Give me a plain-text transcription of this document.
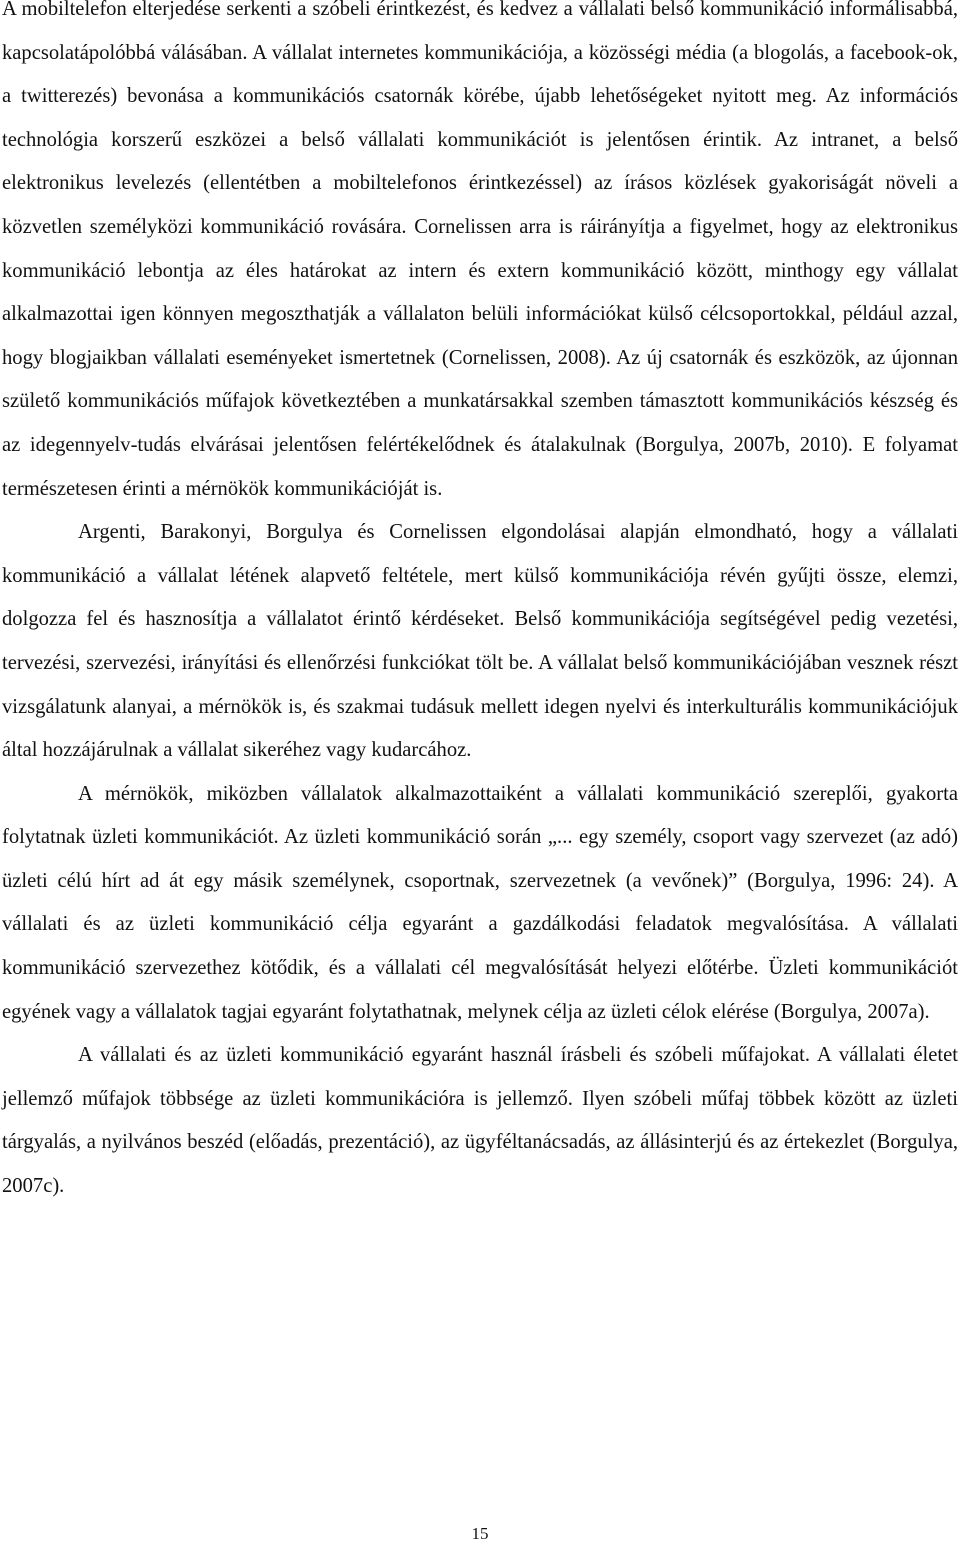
A mobiltelefon elterjedése serkenti a szóbeli érintkezést, és kedvez a vállalati belső kommunikáció informálisabbá, kapcsolatápolóbbá válásában. A vállalat internetes kommunikációja, a közösségi média (a blogolás, a facebook-ok, a twitterezés) bevonása a kommunikációs csatornák körébe, újabb lehetőségeket nyitott meg. Az információs technológia korszerű eszközei a belső vállalati kommunikációt is jelentősen érintik. Az intranet, a belső elektronikus levelezés (ellentétben a mobiltelefonos érintkezéssel) az írásos közlések gyakoriságát növeli a közvetlen személyközi kommunikáció rovására. Cornelissen arra is ráirányítja a figyelmet, hogy az elektronikus kommunikáció lebontja az éles határokat az intern és extern kommunikáció között, minthogy egy vállalat alkalmazottai igen könnyen megoszthatják a vállalaton belüli információkat külső célcsoportokkal, például azzal, hogy blogjaikban vállalati eseményeket ismertetnek (Cornelissen, 2008). Az új csatornák és eszközök, az újonnan születő kommunikációs műfajok következtében a munkatársakkal szemben támasztott kommunikációs készség és az idegennyelv-tudás elvárásai jelentősen felértékelődnek és átalakulnak (Borgulya, 2007b, 2010). E folyamat természetesen érinti a mérnökök kommunikációját is.

Argenti, Barakonyi, Borgulya és Cornelissen elgondolásai alapján elmondható, hogy a vállalati kommunikáció a vállalat létének alapvető feltétele, mert külső kommunikációja révén gyűjti össze, elemzi, dolgozza fel és hasznosítja a vállalatot érintő kérdéseket. Belső kommunikációja segítségével pedig vezetési, tervezési, szervezési, irányítási és ellenőrzési funkciókat tölt be. A vállalat belső kommunikációjában vesznek részt vizsgálatunk alanyai, a mérnökök is, és szakmai tudásuk mellett idegen nyelvi és interkulturális kommunikációjuk által hozzájárulnak a vállalat sikeréhez vagy kudarcához.

A mérnökök, miközben vállalatok alkalmazottaiként a vállalati kommunikáció szereplői, gyakorta folytatnak üzleti kommunikációt. Az üzleti kommunikáció során „... egy személy, csoport vagy szervezet (az adó) üzleti célú hírt ad át egy másik személynek, csoportnak, szervezetnek (a vevőnek)” (Borgulya, 1996: 24). A vállalati és az üzleti kommunikáció célja egyaránt a gazdálkodási feladatok megvalósítása. A vállalati kommunikáció szervezethez kötődik, és a vállalati cél megvalósítását helyezi előtérbe. Üzleti kommunikációt egyének vagy a vállalatok tagjai egyaránt folytathatnak, melynek célja az üzleti célok elérése (Borgulya, 2007a).

A vállalati és az üzleti kommunikáció egyaránt használ írásbeli és szóbeli műfajokat. A vállalati életet jellemző műfajok többsége az üzleti kommunikációra is jellemző. Ilyen szóbeli műfaj többek között az üzleti tárgyalás, a nyilvános beszéd (előadás, prezentáció), az ügyféltanácsadás, az állásinterjú és az értekezlet (Borgulya, 2007c).

15
